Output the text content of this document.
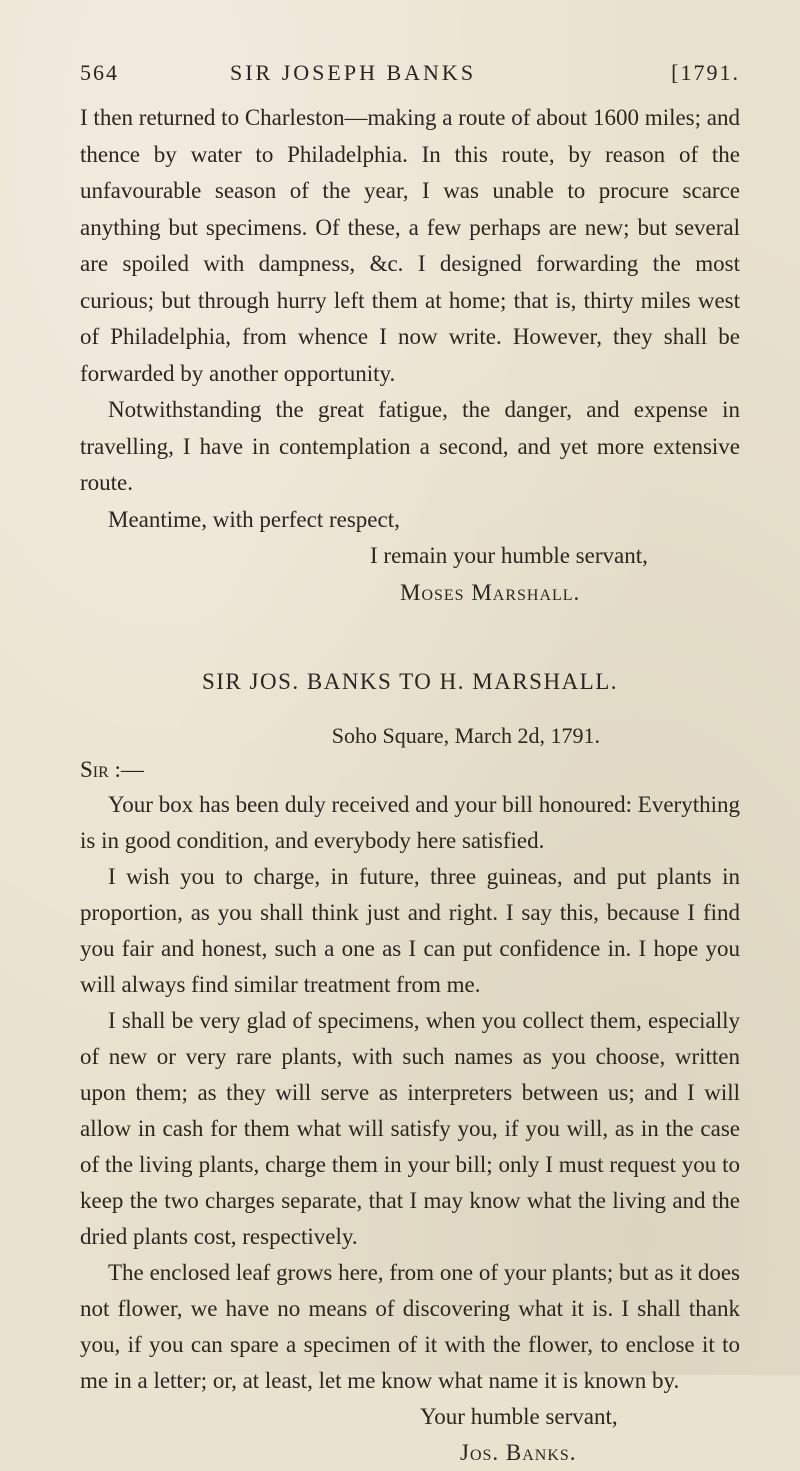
564	SIR JOSEPH BANKS	[1791.

I then returned to Charleston—making a route of about 1600 miles; and thence by water to Philadelphia. In this route, by reason of the unfavourable season of the year, I was unable to procure scarce anything but specimens. Of these, a few perhaps are new; but several are spoiled with dampness, &c. I designed forwarding the most curious; but through hurry left them at home; that is, thirty miles west of Philadelphia, from whence I now write. However, they shall be forwarded by another opportunity.

Notwithstanding the great fatigue, the danger, and expense in travelling, I have in contemplation a second, and yet more extensive route.

Meantime, with perfect respect,
I remain your humble servant,
Moses Marshall.
SIR JOS. BANKS TO H. MARSHALL.
Soho Square, March 2d, 1791.
Sir :—

Your box has been duly received and your bill honoured: Everything is in good condition, and everybody here satisfied.

I wish you to charge, in future, three guineas, and put plants in proportion, as you shall think just and right. I say this, because I find you fair and honest, such a one as I can put confidence in. I hope you will always find similar treatment from me.

I shall be very glad of specimens, when you collect them, especially of new or very rare plants, with such names as you choose, written upon them; as they will serve as interpreters between us; and I will allow in cash for them what will satisfy you, if you will, as in the case of the living plants, charge them in your bill; only I must request you to keep the two charges separate, that I may know what the living and the dried plants cost, respectively.

The enclosed leaf grows here, from one of your plants; but as it does not flower, we have no means of discovering what it is. I shall thank you, if you can spare a specimen of it with the flower, to enclose it to me in a letter; or, at least, let me know what name it is known by.

Your humble servant,
Jos. Banks.
